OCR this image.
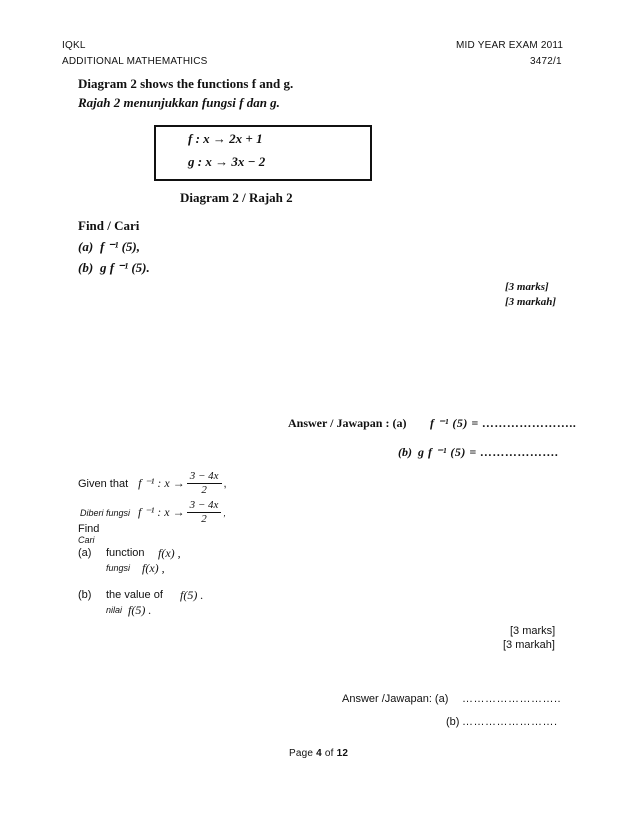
IQKL
ADDITIONAL MATHEMATHICS
MID YEAR EXAM 2011
3472/1
Diagram 2 shows the functions f and g.
Rajah 2 menunjukkan fungsi f dan g.
f : x → 2x + 1
g : x → 3x − 2
Diagram 2 / Rajah 2
Find / Cari
(a) f ⁻¹ (5),
(b) g f ⁻¹ (5).
[3 marks]
[3 markah]
Answer / Jawapan : (a) f ⁻¹ (5) = …………………..
(b) g f ⁻¹ (5) = ……………….
Given that f ⁻¹ : $x \to \frac{3 - 4x}{2}$ ,
Diberi fungsi f ⁻¹ : $x \to \frac{3 - 4x}{2}$ ,
Find
Cari
(a) function f(x) ,
fungsi f(x) ,
(b) the value of f(5) .
nilai f(5) .
[3 marks]
[3 markah]
Answer /Jawapan: (a) ……………………..
(b) …………………….
Page 4 of 12
